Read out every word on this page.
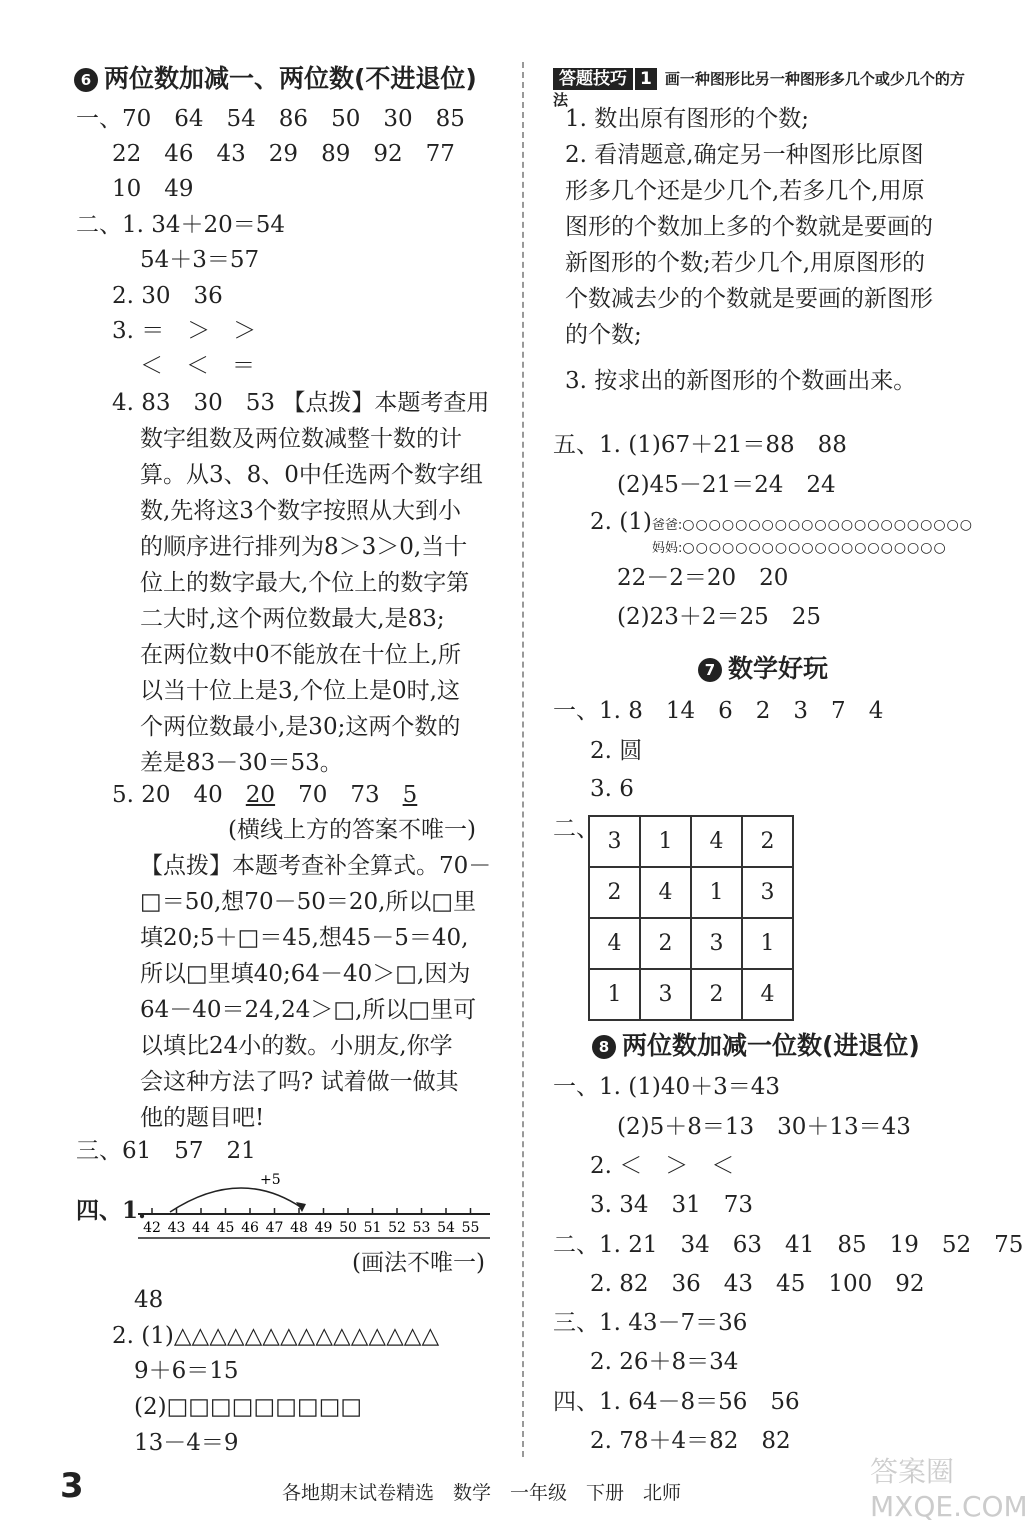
6 两位数加减一、两位数(不进退位)
一、70　64　54　86　50　30　85
22　46　43　29　89　92　77
10　49
二、1. 34＋20＝54
54＋3＝57
2. 30　36
3. ＝　＞　＞
＜　＜　＝
4. 83　30　53 【点拨】本题考查用
数字组数及两位数减整十数的计
算。从3、8、0中任选两个数字组
数,先将这3个数字按照从大到小
的顺序进行排列为8＞3＞0,当十
位上的数字最大,个位上的数字第
二大时,这个两位数最大,是83;
在两位数中0不能放在十位上,所
以当十位上是3,个位上是0时,这
个两位数最小,是30;这两个数的
差是83－30＝53。
5. 20　40　20　70　73　5
(横线上方的答案不唯一)
【点拨】本题考查补全算式。70－
□＝50,想70－50＝20,所以□里
填20;5＋□＝45,想45－5＝40,
所以□里填40;64－40＞□,因为
64－40＝24,24＞□,所以□里可
以填比24小的数。小朋友,你学
会这种方法了吗? 试着做一做其
他的题目吧!
三、61　57　21
四、1.
+5
42 43 44 45 46 47 48 49 50 51 52 53 54 55
(画法不唯一)
48
2. (1)△△△△△△△△△△△△△△△
9＋6＝15
(2)□□□□□□□□□
13－4＝9
答题技巧 1 画一种图形比另一种图形多几个或少几个的方法
1. 数出原有图形的个数;
2. 看清题意,确定另一种图形比原图
形多几个还是少几个,若多几个,用原
图形的个数加上多的个数就是要画的
新图形的个数;若少几个,用原图形的
个数减去少的个数就是要画的新图形
的个数;
3. 按求出的新图形的个数画出来。
五、1. (1)67＋21＝88　88
(2)45－21＝24　24
2. (1)爸爸:○○○○○○○○○○○○○○○○○○○○○○
妈妈:○○○○○○○○○○○○○○○○○○○○
22－2＝20　20
(2)23＋2＝25　25
7 数学好玩
一、1. 8　14　6　2　3　7　4
2. 圆
3. 6
二、 3	1	4	2
2	4	1	3
4	2	3	1
1	3	2	4
8 两位数加减一位数(进退位)
一、1. (1)40＋3＝43
(2)5＋8＝13　30＋13＝43
2. ＜　＞　＜
3. 34　31　73
二、1. 21　34　63　41　85　19　52　75
2. 82　36　43　45　100　92
三、1. 43－7＝36
2. 26＋8＝34
四、1. 64－8＝56　56
2. 78＋4＝82　82
3	各地期末试卷精选　数学　一年级　下册　北师
答案圈 MXQE.COM
